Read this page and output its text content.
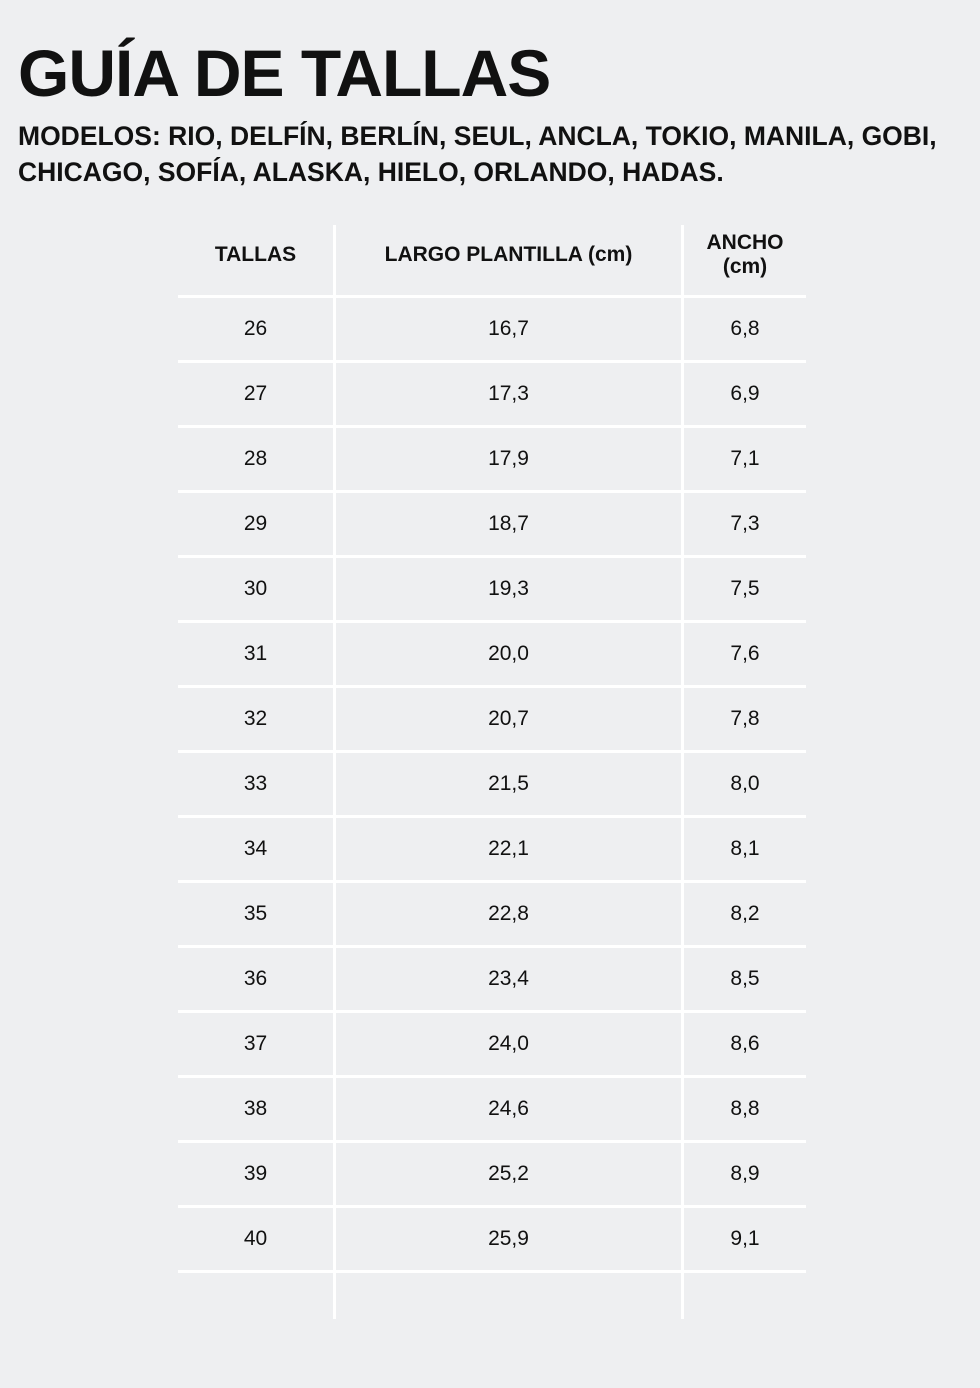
GUÍA DE TALLAS
MODELOS: RIO, DELFÍN, BERLÍN, SEUL, ANCLA, TOKIO, MANILA, GOBI, CHICAGO, SOFÍA, ALASKA, HIELO, ORLANDO, HADAS.
TALLAS	LARGO PLANTILLA (cm)	ANCHO (cm)
26	16,7	6,8
27	17,3	6,9
28	17,9	7,1
29	18,7	7,3
30	19,3	7,5
31	20,0	7,6
32	20,7	7,8
33	21,5	8,0
34	22,1	8,1
35	22,8	8,2
36	23,4	8,5
37	24,0	8,6
38	24,6	8,8
39	25,2	8,9
40	25,9	9,1
